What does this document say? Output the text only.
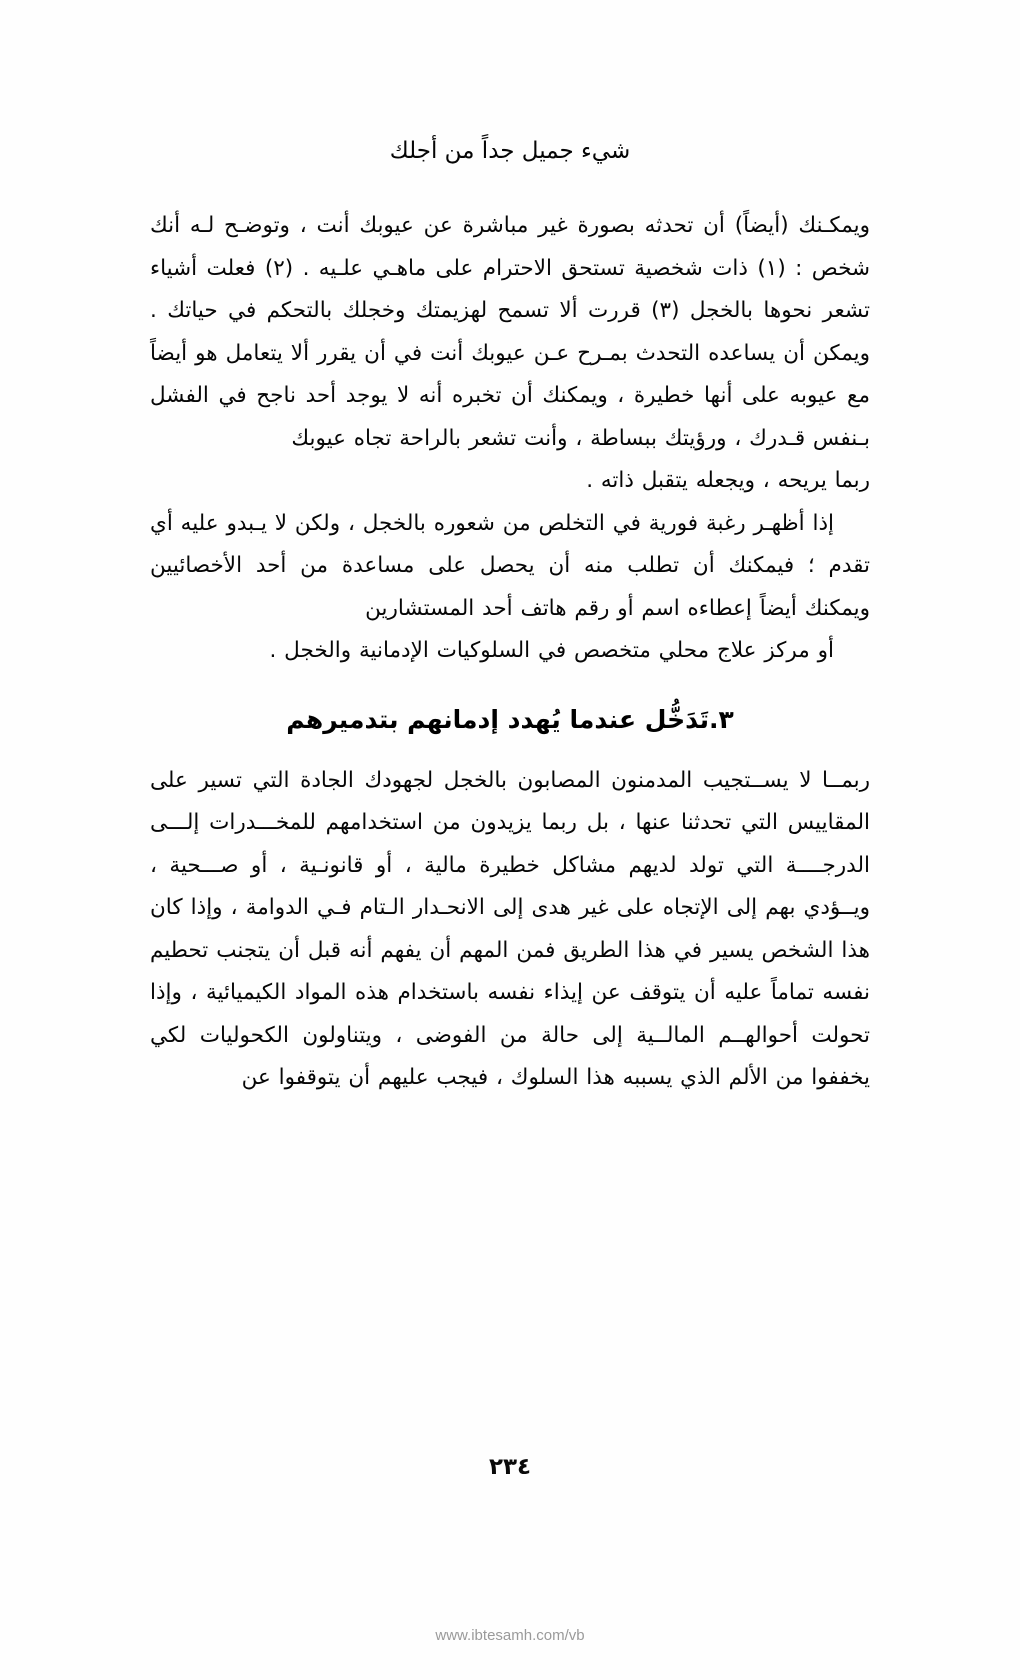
شيء جميل جداً من أجلك

ويمكـنك (أيضاً) أن تحدثه بصورة غير مباشرة عن عيوبك أنت ، وتوضـح لـه أنك شخص : (١) ذات شخصية تستحق الاحترام على ماهـي علـيه . (٢) فعلت أشياء تشعر نحوها بالخجل (٣) قررت ألا تسمح لهزيمتك وخجلك بالتحكم في حياتك . ويمكن أن يساعده التحدث بمـرح عـن عيوبك أنت في أن يقرر ألا يتعامل هو أيضاً مع عيوبه على أنها خطيرة ، ويمكنك أن تخبره أنه لا يوجد أحد ناجح في الفشل بـنفس قـدرك ، ورؤيتك ببساطة ، وأنت تشعر بالراحة تجاه عيوبك
ربما يريحه ، ويجعله يتقبل ذاته .

إذا أظهـر رغبة فورية في التخلص من شعوره بالخجل ، ولكن لا يـبدو عليه أي تقدم ؛ فيمكنك أن تطلب منه أن يحصل على مساعدة من أحد الأخصائيين ويمكنك أيضاً إعطاءه اسم أو رقم هاتف أحد المستشارين
أو مركز علاج محلي متخصص في السلوكيات الإدمانية والخجل .

٣.تَدَخُّل عندما يُهدد إدمانهم بتدميرهم

ربمــا لا يســتجيب المدمنون المصابون بالخجل لجهودك الجادة التي تسير على المقاييس التي تحدثنا عنها ، بل ربما يزيدون من استخدامهم للمخـــدرات إلـــى الدرجــــة التي تولد لديهم مشاكل خطيرة مالية ، أو قانونـية ، أو صـــحية ، ويــؤدي بهم إلى الإتجاه على غير هدى إلى الانحـدار الـتام فـي الدوامة ، وإذا كان هذا الشخص يسير في هذا الطريق فمن المهم أن يفهم أنه قبل أن يتجنب تحطيم نفسه تماماً عليه أن يتوقف عن إيذاء نفسه باستخدام هذه المواد الكيميائية ، وإذا تحولت أحوالهــم المالــية إلى حالة من الفوضى ، ويتناولون الكحوليات لكي يخففوا من الألم الذي يسببه هذا السلوك ، فيجب عليهم أن يتوقفوا عن

٢٣٤
www.ibtesamh.com/vb
